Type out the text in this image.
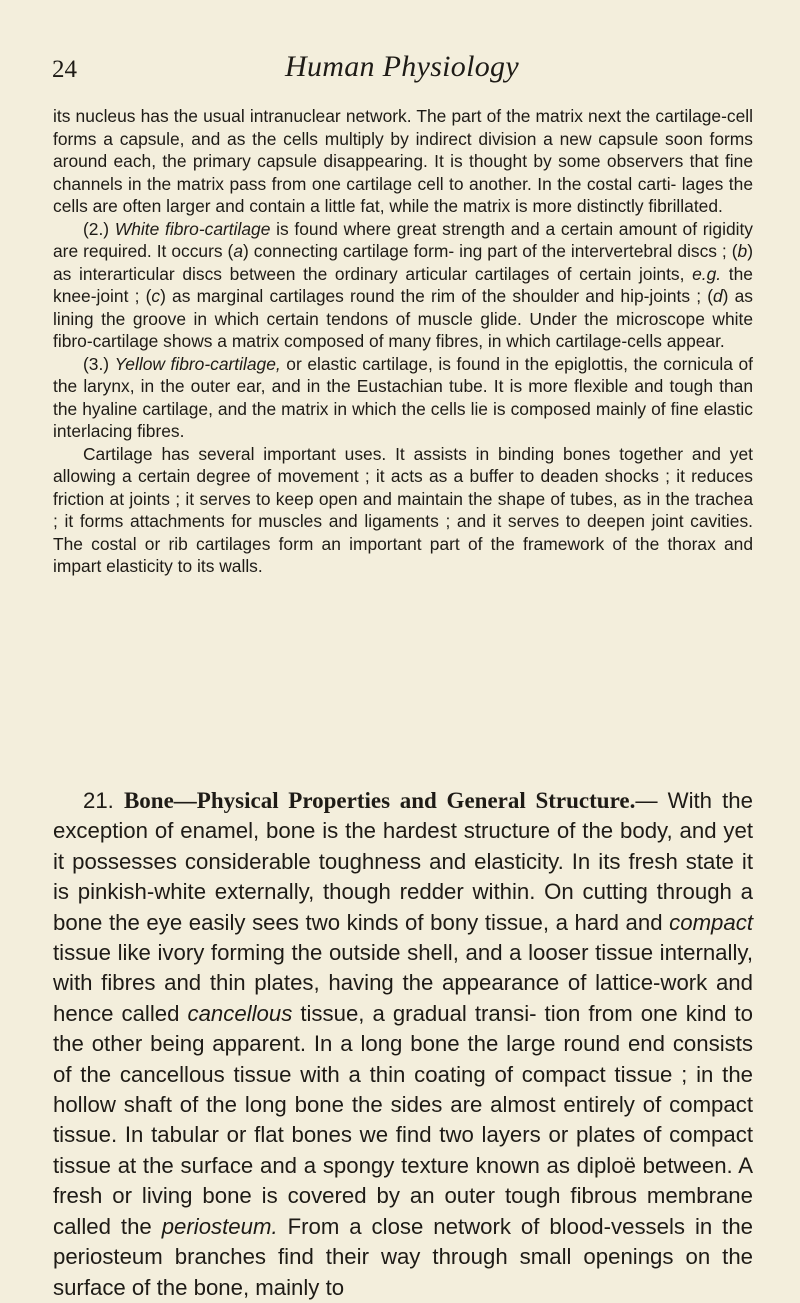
24	Human Physiology

its nucleus has the usual intranuclear network. The part of the matrix next the cartilage-cell forms a capsule, and as the cells multiply by indirect division a new capsule soon forms around each, the primary capsule disappearing. It is thought by some observers that fine channels in the matrix pass from one cartilage cell to another. In the costal carti- lages the cells are often larger and contain a little fat, while the matrix is more distinctly fibrillated.

(2.) White fibro-cartilage is found where great strength and a certain amount of rigidity are required. It occurs (a) connecting cartilage form- ing part of the intervertebral discs ; (b) as interarticular discs between the ordinary articular cartilages of certain joints, e.g. the knee-joint ; (c) as marginal cartilages round the rim of the shoulder and hip-joints ; (d) as lining the groove in which certain tendons of muscle glide. Under the microscope white fibro-cartilage shows a matrix composed of many fibres, in which cartilage-cells appear.

(3.) Yellow fibro-cartilage, or elastic cartilage, is found in the epiglottis, the cornicula of the larynx, in the outer ear, and in the Eustachian tube. It is more flexible and tough than the hyaline cartilage, and the matrix in which the cells lie is composed mainly of fine elastic interlacing fibres.

Cartilage has several important uses. It assists in binding bones together and yet allowing a certain degree of movement ; it acts as a buffer to deaden shocks ; it reduces friction at joints ; it serves to keep open and maintain the shape of tubes, as in the trachea ; it forms attachments for muscles and ligaments ; and it serves to deepen joint cavities. The costal or rib cartilages form an important part of the framework of the thorax and impart elasticity to its walls.

21. Bone—Physical Properties and General Structure.— With the exception of enamel, bone is the hardest structure of the body, and yet it possesses considerable toughness and elasticity. In its fresh state it is pinkish-white externally, though redder within. On cutting through a bone the eye easily sees two kinds of bony tissue, a hard and compact tissue like ivory forming the outside shell, and a looser tissue internally, with fibres and thin plates, having the appearance of lattice-work and hence called cancellous tissue, a gradual transi- tion from one kind to the other being apparent. In a long bone the large round end consists of the cancellous tissue with a thin coating of compact tissue ; in the hollow shaft of the long bone the sides are almost entirely of compact tissue. In tabular or flat bones we find two layers or plates of compact tissue at the surface and a spongy texture known as diploë between. A fresh or living bone is covered by an outer tough fibrous membrane called the periosteum. From a close network of blood-vessels in the periosteum branches find their way through small openings on the surface of the bone, mainly to
